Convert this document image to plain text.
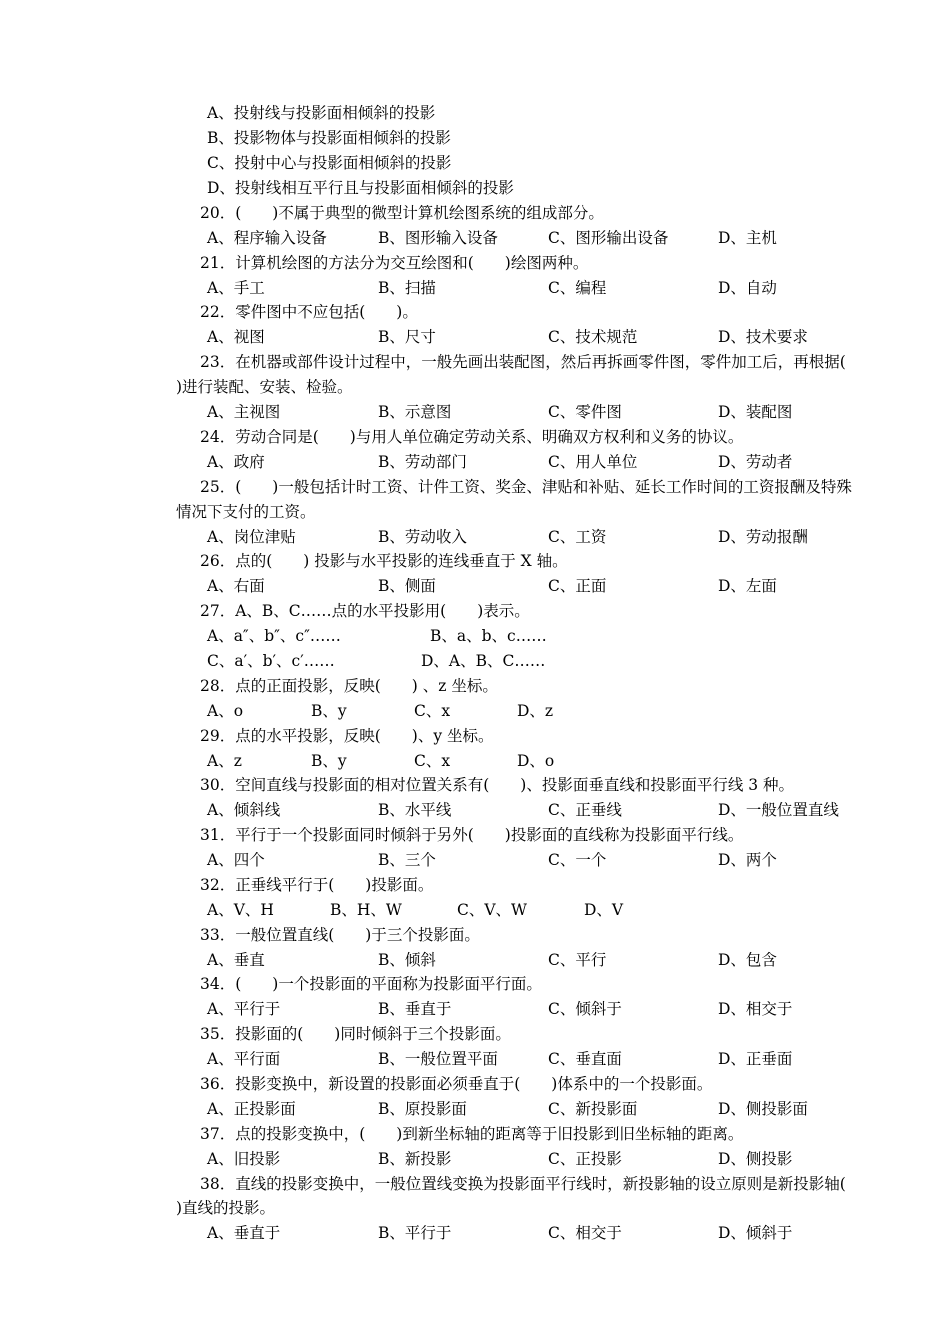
A、投射线与投影面相倾斜的投影
B、投影物体与投影面相倾斜的投影
C、投射中心与投影面相倾斜的投影
D、投射线相互平行且与投影面相倾斜的投影
20．(　　)不属于典型的微型计算机绘图系统的组成部分。
A、程序输入设备	B、图形输入设备	C、图形输出设备	D、主机
21．计算机绘图的方法分为交互绘图和(　　)绘图两种。
A、手工	B、扫描	C、编程	D、自动
22．零件图中不应包括(　　)。
A、视图	B、尺寸	C、技术规范	D、技术要求
23．在机器或部件设计过程中，一般先画出装配图，然后再拆画零件图，零件加工后，再根据(
)进行装配、安装、检验。
A、主视图	B、示意图	C、零件图	D、装配图
24．劳动合同是(　　)与用人单位确定劳动关系、明确双方权利和义务的协议。
A、政府	B、劳动部门	C、用人单位	D、劳动者
25．(　　)一般包括计时工资、计件工资、奖金、津贴和补贴、延长工作时间的工资报酬及特殊
情况下支付的工资。
A、岗位津贴	B、劳动收入	C、工资	D、劳动报酬
26．点的(　　) 投影与水平投影的连线垂直于 X 轴。
A、右面	B、侧面	C、正面	D、左面
27．A、B、C……点的水平投影用(　　)表示。
A、a″、b″、c″……	B、a、b、c……
C、a′、b′、c′……	D、A、B、C……
28．点的正面投影，反映(　　) 、z 坐标。
A、o	B、y	C、x	D、z
29．点的水平投影，反映(　　)、y 坐标。
A、z	B、y	C、x	D、o
30．空间直线与投影面的相对位置关系有(　　)、投影面垂直线和投影面平行线 3 种。
A、倾斜线	B、水平线	C、正垂线	D、一般位置直线
31．平行于一个投影面同时倾斜于另外(　　)投影面的直线称为投影面平行线。
A、四个	B、三个	C、一个	D、两个
32．正垂线平行于(　　)投影面。
A、V、H	B、H、W	C、V、W	D、V
33．一般位置直线(　　)于三个投影面。
A、垂直	B、倾斜	C、平行	D、包含
34．(　　)一个投影面的平面称为投影面平行面。
A、平行于	B、垂直于	C、倾斜于	D、相交于
35．投影面的(　　)同时倾斜于三个投影面。
A、平行面	B、一般位置平面	C、垂直面	D、正垂面
36．投影变换中，新设置的投影面必须垂直于(　　)体系中的一个投影面。
A、正投影面	B、原投影面	C、新投影面	D、侧投影面
37．点的投影变换中，(　　)到新坐标轴的距离等于旧投影到旧坐标轴的距离。
A、旧投影	B、新投影	C、正投影	D、侧投影
38．直线的投影变换中，一般位置线变换为投影面平行线时，新投影轴的设立原则是新投影轴(
)直线的投影。
A、垂直于	B、平行于	C、相交于	D、倾斜于
